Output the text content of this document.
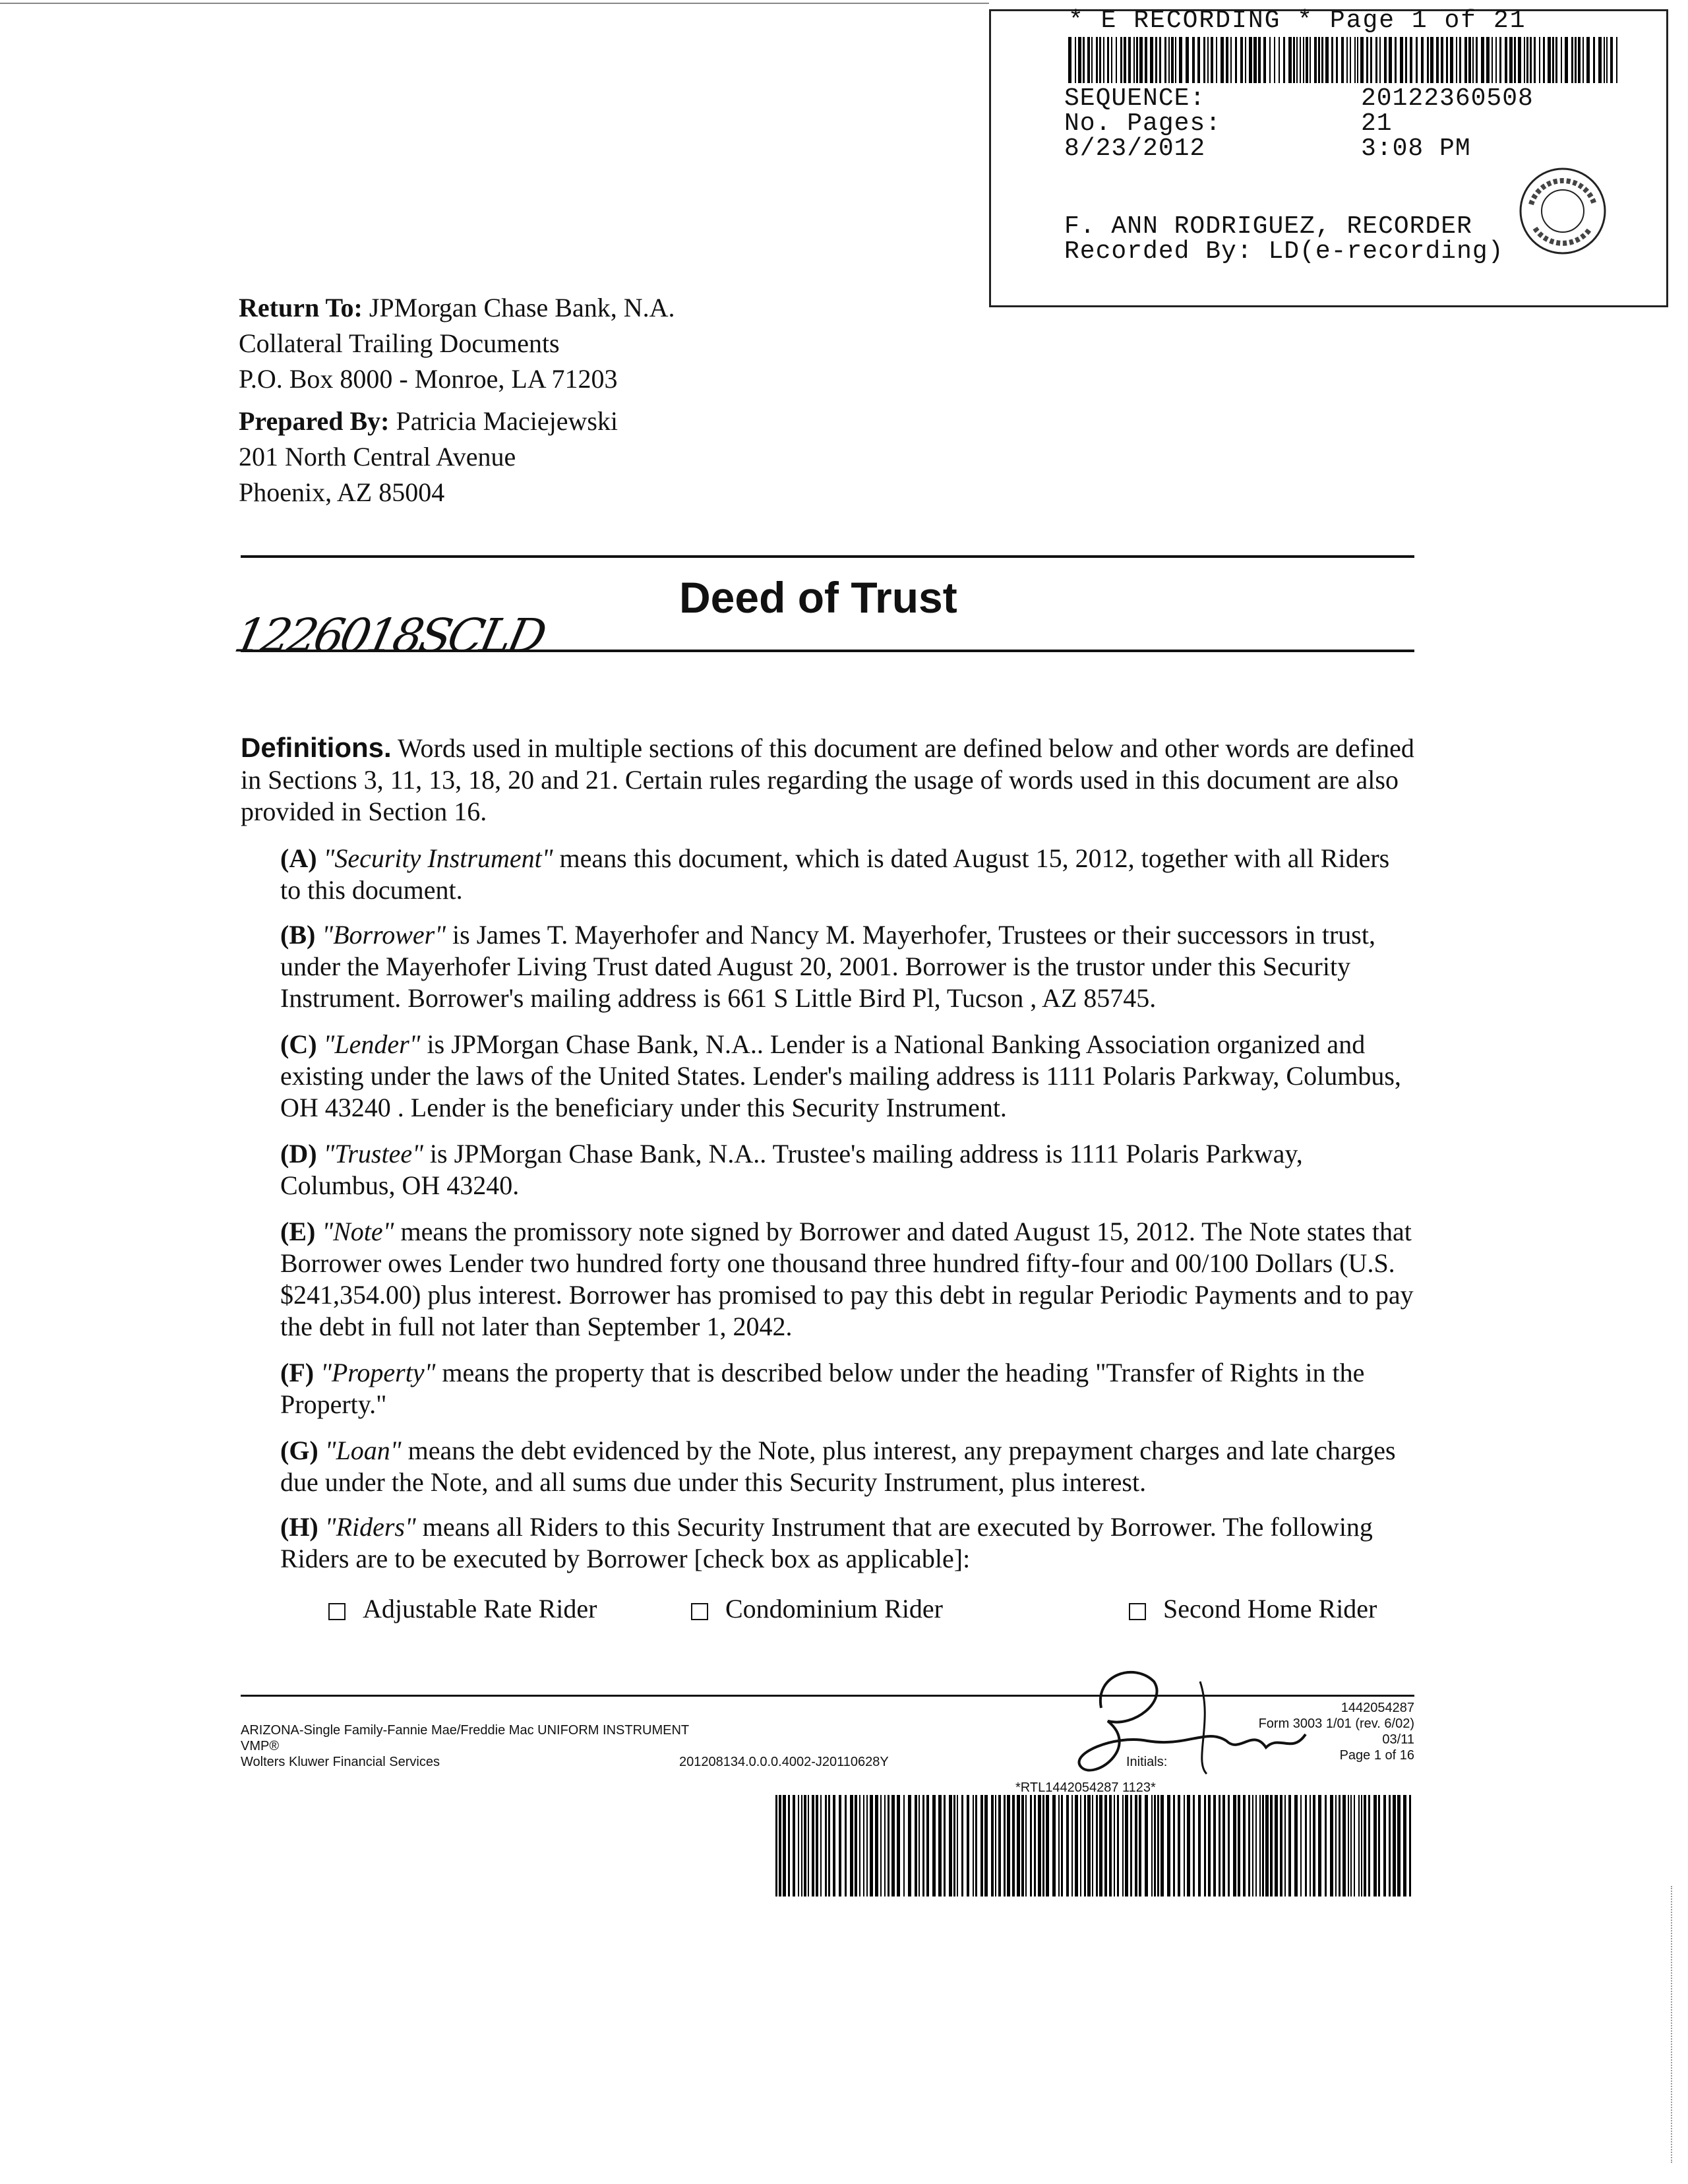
* E RECORDING * Page 1 of 21
SEQUENCE:	20122360508
No. Pages:	21
8/23/2012	3:08 PM
F. ANN RODRIGUEZ, RECORDER
Recorded By: LD(e-recording)
Return To: JPMorgan Chase Bank, N.A.
Collateral Trailing Documents
P.O. Box 8000 - Monroe, LA 71203
Prepared By: Patricia Maciejewski
201 North Central Avenue
Phoenix, AZ 85004
1226018SCLD
Deed of Trust
Definitions. Words used in multiple sections of this document are defined below and other words are defined in Sections 3, 11, 13, 18, 20 and 21. Certain rules regarding the usage of words used in this document are also provided in Section 16.
(A) "Security Instrument" means this document, which is dated August 15, 2012, together with all Riders to this document.
(B) "Borrower" is James T. Mayerhofer and Nancy M. Mayerhofer, Trustees or their successors in trust, under the Mayerhofer Living Trust dated August 20, 2001. Borrower is the trustor under this Security Instrument. Borrower's mailing address is 661 S Little Bird Pl, Tucson , AZ 85745.
(C) "Lender" is JPMorgan Chase Bank, N.A.. Lender is a National Banking Association organized and existing under the laws of the United States. Lender's mailing address is 1111 Polaris Parkway, Columbus, OH 43240 . Lender is the beneficiary under this Security Instrument.
(D) "Trustee" is JPMorgan Chase Bank, N.A.. Trustee's mailing address is 1111 Polaris Parkway, Columbus, OH 43240.
(E) "Note" means the promissory note signed by Borrower and dated August 15, 2012. The Note states that Borrower owes Lender two hundred forty one thousand three hundred fifty-four and 00/100 Dollars (U.S. $241,354.00) plus interest. Borrower has promised to pay this debt in regular Periodic Payments and to pay the debt in full not later than September 1, 2042.
(F) "Property" means the property that is described below under the heading "Transfer of Rights in the Property."
(G) "Loan" means the debt evidenced by the Note, plus interest, any prepayment charges and late charges due under the Note, and all sums due under this Security Instrument, plus interest.
(H) "Riders" means all Riders to this Security Instrument that are executed by Borrower. The following Riders are to be executed by Borrower [check box as applicable]:
Adjustable Rate Rider	Condominium Rider	Second Home Rider
ARIZONA-Single Family-Fannie Mae/Freddie Mac UNIFORM INSTRUMENT
VMP®
Wolters Kluwer Financial Services	201208134.0.0.0.4002-J20110628Y
1442054287
Form 3003 1/01 (rev. 6/02)
03/11
Page 1 of 16
Initials:
*RTL1442054287 1123*
